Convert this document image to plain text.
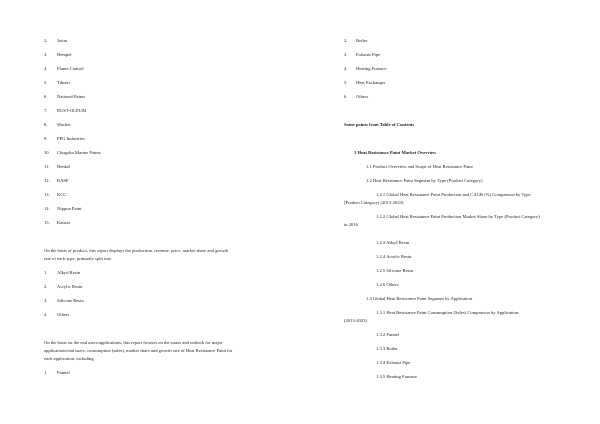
2. Jotun
3. Hempel
4. Flame Control
5. Tikurri
6. National Paints
7. RUST-OLEUM
8. Wacker
9. PPG Industries
10. Chugoku Marine Paints
11. Henkel
12. BASF
13. KCC
14. Nippon Paint
15. Kansai
On the basis of product, this report displays the production, revenue, price, market share and growth
rate of each type, primarily split into
1. Alkyd Resin
2. Acrylic Resin
3. Silicone Resin
4. Others
On the basis on the end users/applications, this report focuses on the status and outlook for major
applications/end users, consumption (sales), market share and growth rate of Heat Resistance Paint for
each application, including
1. Funnel
2. Boiler
3. Exhaust Pipe
4. Heating Furnace
5. Heat Exchanger
6. Others
Some points from Table of Contents
1 Heat Resistance Paint Market Overview
1.1 Product Overview and Scope of Heat Resistance Paint
1.2 Heat Resistance Paint Segment by Type (Product Category)
1.2.1 Global Heat Resistance Paint Production and CAGR (%) Comparison by Type
(Product Category) (2013-2023)
1.2.2 Global Heat Resistance Paint Production Market Share by Type (Product Category)
in 2016
1.2.3 Alkyd Resin
1.2.4 Acrylic Resin
1.2.5 Silicone Resin
1.2.6 Others
1.3 Global Heat Resistance Paint Segment by Application
1.3.1 Heat Resistance Paint Consumption (Sales) Comparison by Application
(2013-2023)
1.3.2 Funnel
1.3.3 Boiler
1.3.4 Exhaust Pipe
1.3.5 Heating Furnace
